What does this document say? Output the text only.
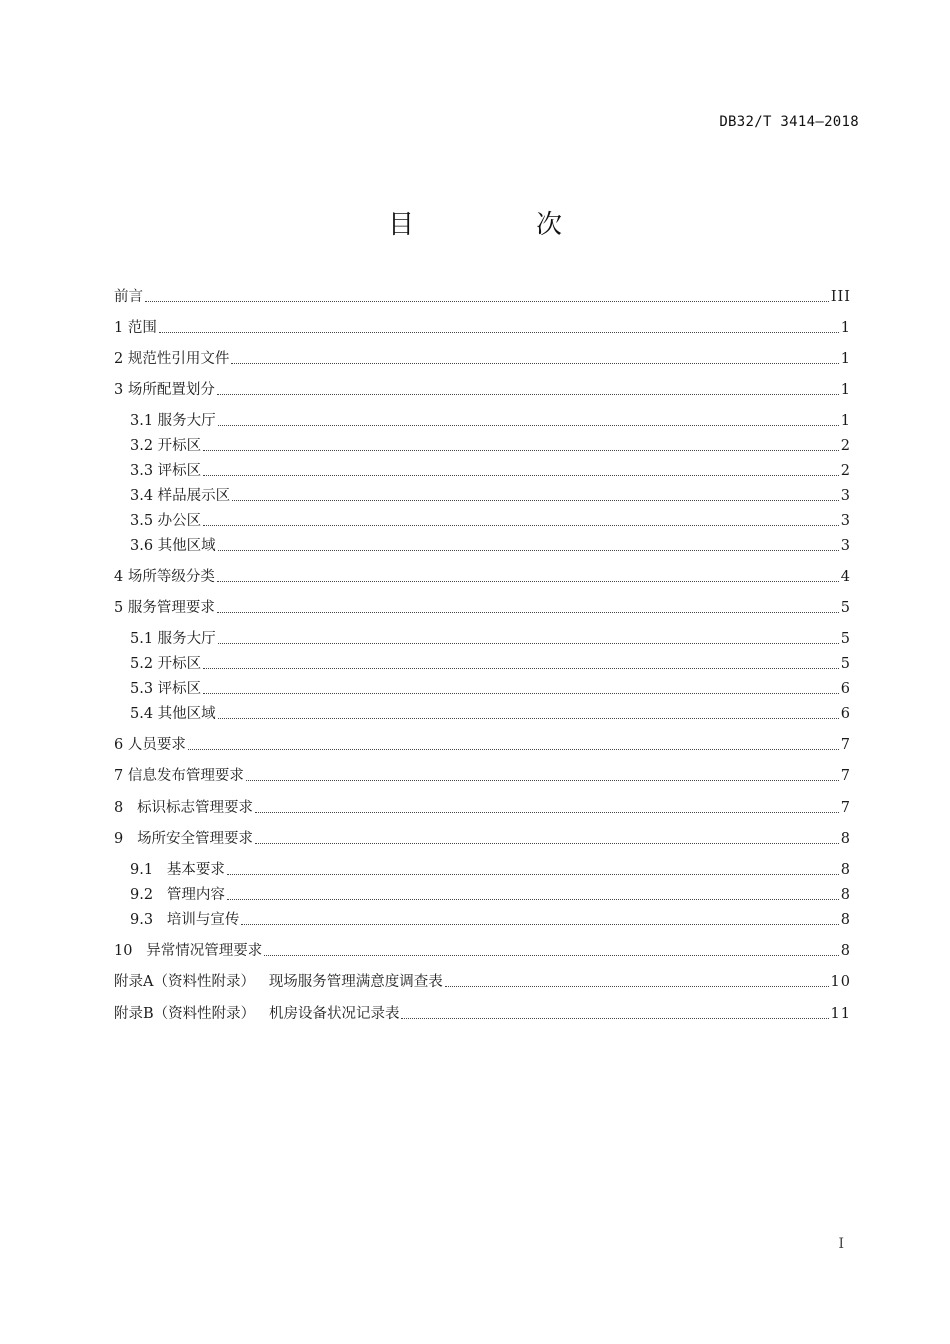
DB32/T 3414—2018
目　次
前言	III
1 范围	1
2 规范性引用文件	1
3 场所配置划分	1
3.1 服务大厅	1
3.2 开标区	2
3.3 评标区	2
3.4 样品展示区	3
3.5 办公区	3
3.6 其他区域	3
4 场所等级分类	4
5 服务管理要求	5
5.1 服务大厅	5
5.2 开标区	5
5.3 评标区	6
5.4 其他区域	6
6 人员要求	7
7 信息发布管理要求	7
8 标识标志管理要求	7
9 场所安全管理要求	8
9.1 基本要求	8
9.2 管理内容	8
9.3 培训与宣传	8
10 异常情况管理要求	8
附录A（资料性附录） 现场服务管理满意度调查表	10
附录B（资料性附录） 机房设备状况记录表	11
I
